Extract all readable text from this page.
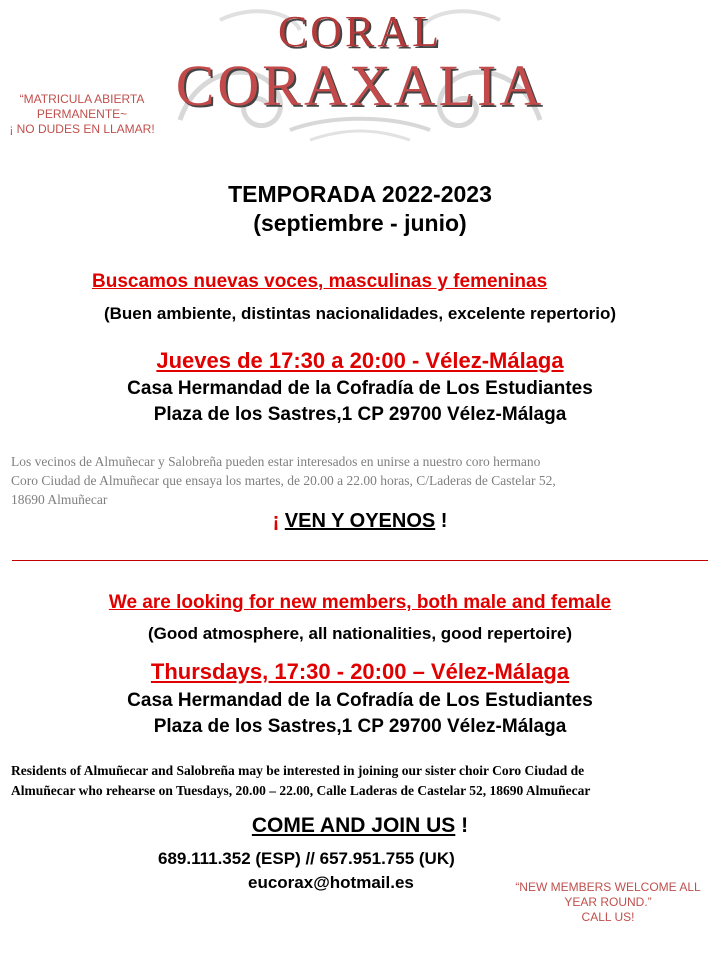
CORAL
CORAXALIA
“MATRICULA ABIERTA
PERMANENTE~
¡ NO DUDES EN LLAMAR!
TEMPORADA 2022-2023
(septiembre - junio)
Buscamos nuevas voces, masculinas y femeninas
(Buen ambiente, distintas nacionalidades, excelente repertorio)
Jueves de 17:30 a 20:00 - Vélez-Málaga
Casa Hermandad de la Cofradía de Los Estudiantes
Plaza de los Sastres,1 CP 29700 Vélez-Málaga
Los vecinos de Almuñecar y Salobreña pueden estar interesados en unirse a nuestro coro hermano
Coro Ciudad de Almuñecar que ensaya los martes, de 20.00 a 22.00 horas, C/Laderas de Castelar 52,
18690 Almuñecar
¡ VEN Y OYENOS !
We are looking for new members, both male and female
(Good atmosphere, all nationalities, good repertoire)
Thursdays, 17:30 - 20:00 – Vélez-Málaga
Casa Hermandad de la Cofradía de Los Estudiantes
Plaza de los Sastres,1 CP 29700 Vélez-Málaga
Residents of Almuñecar and Salobreña may be interested in joining our sister choir Coro Ciudad de
Almuñecar who rehearse on Tuesdays, 20.00 – 22.00, Calle Laderas de Castelar 52, 18690 Almuñecar
COME AND JOIN US !
689.111.352 (ESP) // 657.951.755 (UK)
eucorax@hotmail.es	“NEW MEMBERS WELCOME ALL
YEAR ROUND.”
CALL US!
